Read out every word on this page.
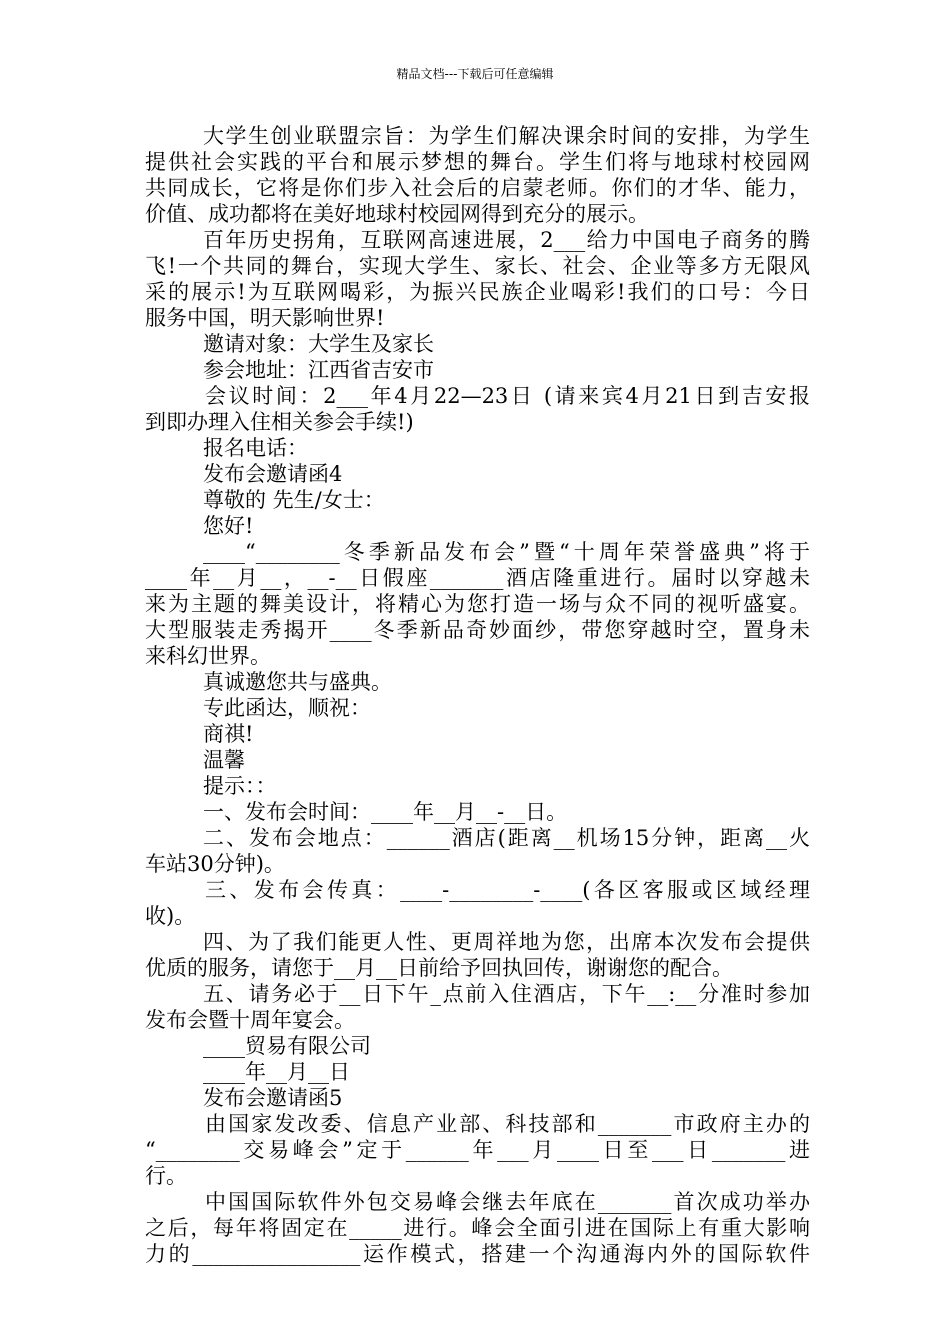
精品文档---下载后可任意编辑

大学生创业联盟宗旨：为学生们解决课余时间的安排，为学生

提供社会实践的平台和展示梦想的舞台。学生们将与地球村校园网

共同成长，它将是你们步入社会后的启蒙老师。你们的才华、能力，

价值、成功都将在美好地球村校园网得到充分的展示。

百年历史拐角，互联网高速进展，2___给力中国电子商务的腾

飞!一个共同的舞台，实现大学生、家长、社会、企业等多方无限风

采的展示!为互联网喝彩，为振兴民族企业喝彩!我们的口号：今日

服务中国，明天影响世界!

邀请对象：大学生及家长

参会地址：江西省吉安市

会议时间：2___年4月22—23日 (请来宾4月21日到吉安报

到即办理入住相关参会手续!)

报名电话：

发布会邀请函4

尊敬的 先生/女士：

您好!

____“________冬季新品发布会”暨“十周年荣誉盛典”将于

____年__月__，__-__日假座_______酒店隆重进行。届时以穿越未

来为主题的舞美设计，将精心为您打造一场与众不同的视听盛宴。

大型服装走秀揭开____冬季新品奇妙面纱，带您穿越时空，置身未

来科幻世界。

真诚邀您共与盛典。

专此函达，顺祝：

商祺!

温馨

提示：：

一、发布会时间：____年__月__-__日。

二、发布会地点：______酒店(距离__机场15分钟，距离__火

车站30分钟)。

三、发布会传真：____-________-____(各区客服或区域经理

收)。

四、为了我们能更人性、更周祥地为您，出席本次发布会提供

优质的服务，请您于__月__日前给予回执回传，谢谢您的配合。

五、请务必于__日下午_点前入住酒店，下午__:__分准时参加

发布会暨十周年宴会。

____贸易有限公司

____年__月__日

发布会邀请函5

由国家发改委、信息产业部、科技部和_______市政府主办的

“________交易峰会”定于______年___月____日至___日_______进

行。

中国国际软件外包交易峰会继去年底在_______首次成功举办

之后，每年将固定在_____进行。峰会全面引进在国际上有重大影响

力的________________运作模式，搭建一个沟通海内外的国际软件
